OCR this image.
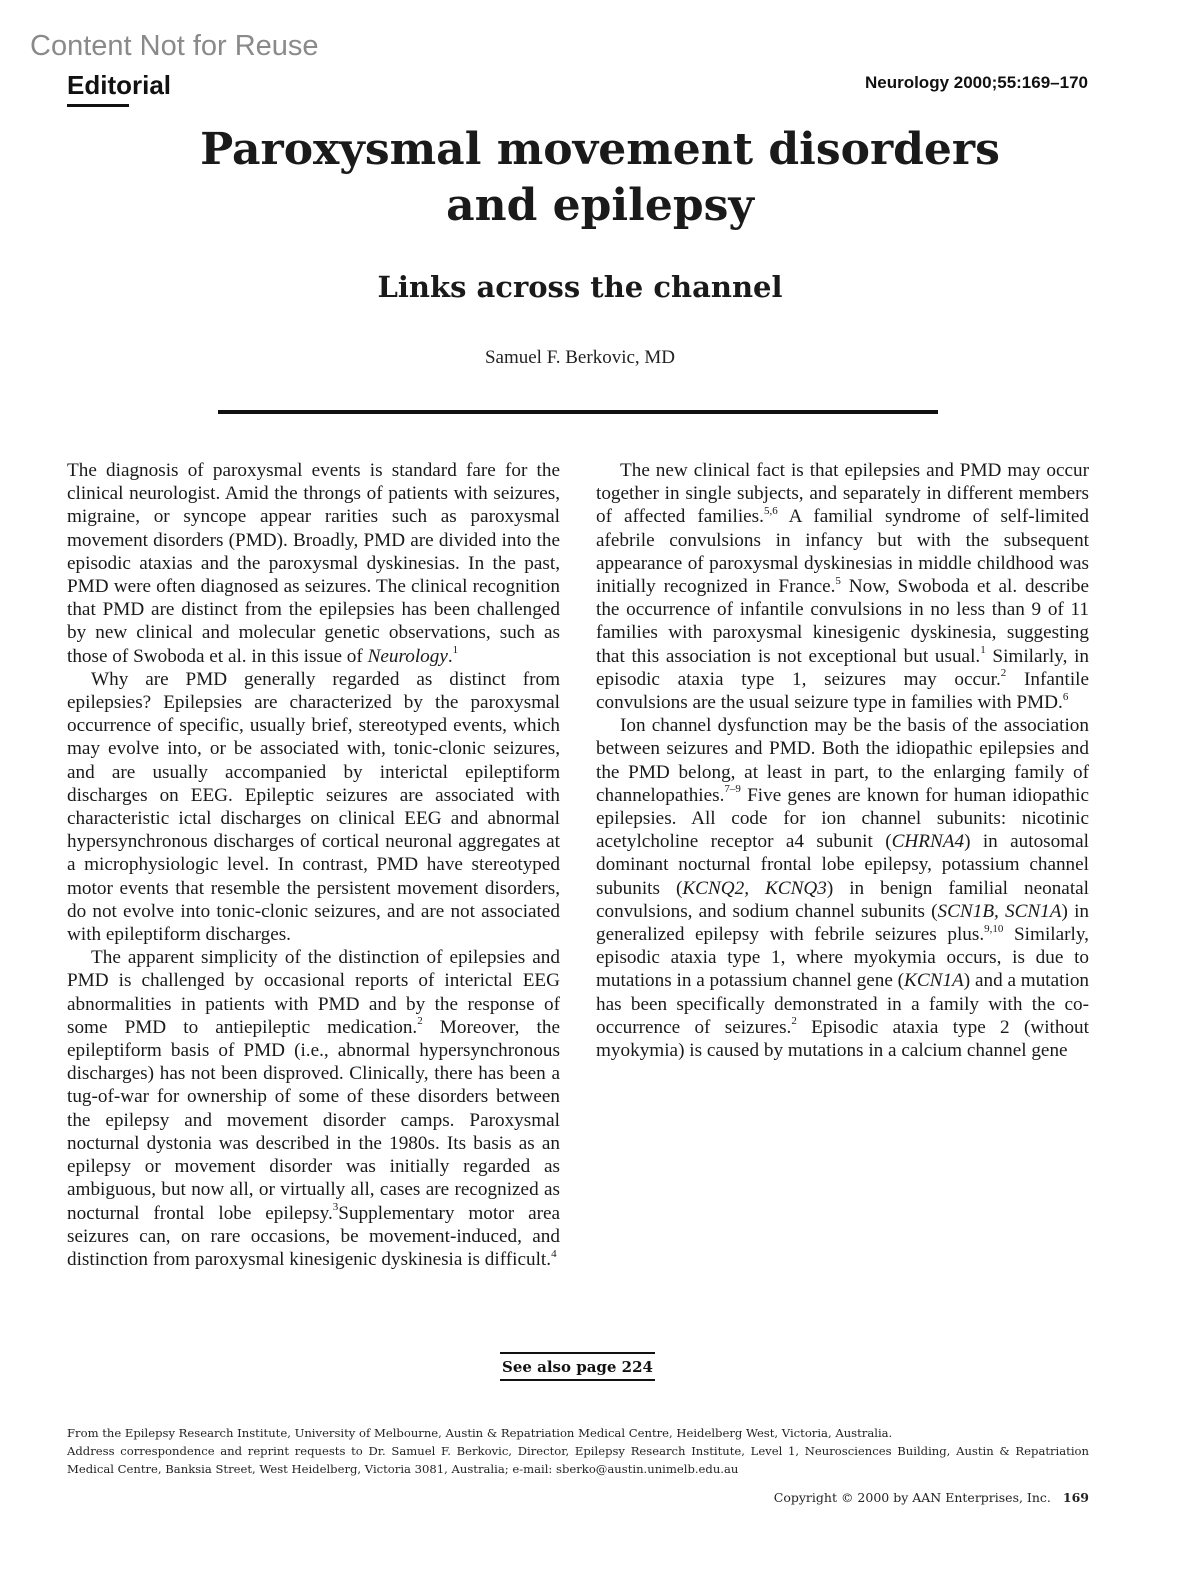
Content Not for Reuse
Editorial	Neurology 2000;55:169–170
Paroxysmal movement disorders
and epilepsy
Links across the channel
Samuel F. Berkovic, MD

The diagnosis of paroxysmal events is standard fare for the clinical neurologist. Amid the throngs of patients with seizures, migraine, or syncope appear rarities such as paroxysmal movement disorders (PMD). Broadly, PMD are divided into the episodic ataxias and the paroxysmal dyskinesias. In the past, PMD were often diagnosed as seizures. The clinical recognition that PMD are distinct from the epilepsies has been challenged by new clinical and molecular genetic observations, such as those of Swoboda et al. in this issue of Neurology.$^1$

Why are PMD generally regarded as distinct from epilepsies? Epilepsies are characterized by the paroxysmal occurrence of specific, usually brief, stereotyped events, which may evolve into, or be associated with, tonic-clonic seizures, and are usually accompanied by interictal epileptiform discharges on EEG. Epileptic seizures are associated with characteristic ictal discharges on clinical EEG and abnormal hypersynchronous discharges of cortical neuronal aggregates at a microphysiologic level. In contrast, PMD have stereotyped motor events that resemble the persistent movement disorders, do not evolve into tonic-clonic seizures, and are not associated with epileptiform discharges.

The apparent simplicity of the distinction of epilepsies and PMD is challenged by occasional reports of interictal EEG abnormalities in patients with PMD and by the response of some PMD to antiepileptic medication.$^2$ Moreover, the epileptiform basis of PMD (i.e., abnormal hypersynchronous discharges) has not been disproved. Clinically, there has been a tug-of-war for ownership of some of these disorders between the epilepsy and movement disorder camps. Paroxysmal nocturnal dystonia was described in the 1980s. Its basis as an epilepsy or movement disorder was initially regarded as ambiguous, but now all, or virtually all, cases are recognized as nocturnal frontal lobe epilepsy.$^3$Supplementary motor area seizures can, on rare occasions, be movement-induced, and distinction from paroxysmal kinesigenic dyskinesia is difficult.$^4$

The new clinical fact is that epilepsies and PMD may occur together in single subjects, and separately in different members of affected families.$^{5,6}$ A familial syndrome of self-limited afebrile convulsions in infancy but with the subsequent appearance of paroxysmal dyskinesias in middle childhood was initially recognized in France.$^5$ Now, Swoboda et al. describe the occurrence of infantile convulsions in no less than 9 of 11 families with paroxysmal kinesigenic dyskinesia, suggesting that this association is not exceptional but usual.$^1$ Similarly, in episodic ataxia type 1, seizures may occur.$^2$ Infantile convulsions are the usual seizure type in families with PMD.$^6$

Ion channel dysfunction may be the basis of the association between seizures and PMD. Both the idiopathic epilepsies and the PMD belong, at least in part, to the enlarging family of channelopathies.$^{7-9}$ Five genes are known for human idiopathic epilepsies. All code for ion channel subunits: nicotinic acetylcholine receptor a4 subunit (CHRNA4) in autosomal dominant nocturnal frontal lobe epilepsy, potassium channel subunits (KCNQ2, KCNQ3) in benign familial neonatal convulsions, and sodium channel subunits (SCN1B, SCN1A) in generalized epilepsy with febrile seizures plus.$^{9,10}$ Similarly, episodic ataxia type 1, where myokymia occurs, is due to mutations in a potassium channel gene (KCN1A) and a mutation has been specifically demonstrated in a family with the co-occurrence of seizures.$^2$ Episodic ataxia type 2 (without myokymia) is caused by mutations in a calcium channel gene

See also page 224

From the Epilepsy Research Institute, University of Melbourne, Austin & Repatriation Medical Centre, Heidelberg West, Victoria, Australia.

Address correspondence and reprint requests to Dr. Samuel F. Berkovic, Director, Epilepsy Research Institute, Level 1, Neurosciences Building, Austin & Repatriation Medical Centre, Banksia Street, West Heidelberg, Victoria 3081, Australia; e-mail: sberko@austin.unimelb.edu.au

Copyright © 2000 by AAN Enterprises, Inc. 169
